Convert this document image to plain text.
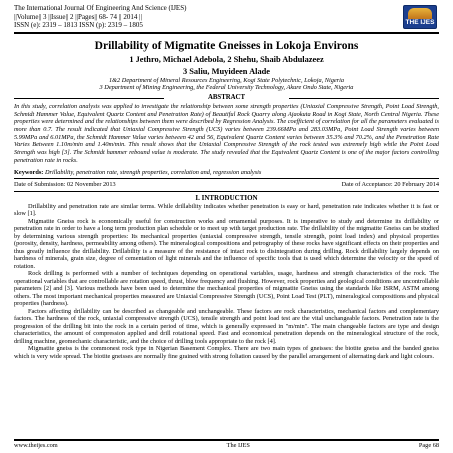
The International Journal Of Engineering And Science (IJES)
||Volume|| 3 ||Issue|| 2 ||Pages|| 68- 74 || 2014 ||
ISSN (e): 2319 – 1813 ISSN (p): 2319 – 1805	THE IJES
Drillability of Migmatite Gneisses in Lokoja Environs
1 Jethro, Michael Adebola, 2 Shehu, Shaib Abdulazeez
3 Saliu, Muyideen Alade
1&2 Department of Mineral Resources Engineering, Kogi State Polytechnic, Lokoja, Nigeria
3 Department of Mining Engineering, the Federal University Technology, Akure Ondo State, Nigeria
ABSTRACT
In this study, correlation analysis was applied to investigate the relationship between some strength properties (Uniaxial Compressive Strength, Point Load Strength, Schmidt Hammer Value, Equivalent Quartz Content and Penetration Rate) of Beautiful Rock Quarry along Ajaokuta Road in Kogi State, North Central Nigeria. These properties were determined and the relationships between them were described by Regression Analysis. The coefficient of correlation for all the parameters evaluated is more than 0.7. The result indicated that Uniaxial Compressive Strength (UCS) varies between 239.66MPa and 283.03MPa, Point Load Strength varies between 5.99MPa and 6.01MPa, the Schmidt Hammer Value varies between 42 and 56, Equivalent Quartz Content varies between 35.3% and 70.2%, and the Penetration Rate Varies Between 1.10m/min and 1.40m/min. This result shows that the Uniaxial Compressive Strength of the rock tested was extremely high while the Point Load Strength was high [3]. The Schmidt hammer rebound value is moderate. The study revealed that the Equivalent Quartz Content is one of the major factors controlling penetration rate in rocks.
Keywords: Drillability, penetration rate, strength properties, correlation and, regression analysis
Date of Submission: 02 November 2013	Date of Acceptance: 20 February 2014
I. INTRODUCTION

Drillability and penetration rate are similar terms. While drillability indicates whether penetration is easy or hard, penetration rate indicates whether it is fast or slow [1].

Migmatite Gneiss rock is economically useful for construction works and ornamental purposes. It is imperative to study and determine its drillability or penetration rate in order to have a long term production plan schedule or to meet up with target production rate. The drillability of the migmatite Gneiss can be studied by determining various strength properties: Its mechanical properties (uniaxial compressive strength, tensile strength, point load index) and physical properties (porosity, density, hardness, permeability among others). The mineralogical compositions and petrography of these rocks have significant effects on their properties and thus greatly influence the drillability. Drillability is a measure of the resistance of intact rock to disintegration during drilling. Rock drillability largely depends on hardness of minerals, grain size, degree of cementation of light minerals and the influence of specific tools that is used which determine the velocity or the speed of rotation.

Rock drilling is performed with a number of techniques depending on operational variables, usage, hardness and strength characteristics of the rock. The operational variables that are controllable are rotation speed, thrust, blow frequency and flushing. However, rock properties and geological conditions are uncontrollable parameters [2] and [3]. Various methods have been used to determine the mechanical properties of migmatite Gneiss using the standards like ISRM, ASTM among others. The most important mechanical properties measured are Uniaxial Compressive Strength (UCS), Point Load Test (PLT), mineralogical compositions and physical properties (hardness).

Factors affecting drillability can be described as changeable and unchangeable. These factors are rock characteristics, mechanical factors and complementary factors. The hardness of the rock, uniaxial compressive strength (UCS), tensile strength and point load test are the vital unchangeable factors. Penetration rate is the progression of the drilling bit into the rock in a certain period of time, which is generally expressed in "m/min". The main changeable factors are type and design characteristics, the amount of compression applied and drill rotational speed. Fast and economical penetration depends on the mineralogical structure of the rock, drilling machine, geomechanic characteristic, and the choice of drilling tools appropriate to the rock [4].

Migmatite gneiss is the commonest rock type in Nigerian Basement Complex. There are two main types of gneisses: the biotite gneiss and the banded gneiss which is very wide spread. The biotite gneisses are normally fine grained with strong foliation caused by the parallel arrangement of alternating dark and light colours.

www.theijes.com	The IJES	Page 68
